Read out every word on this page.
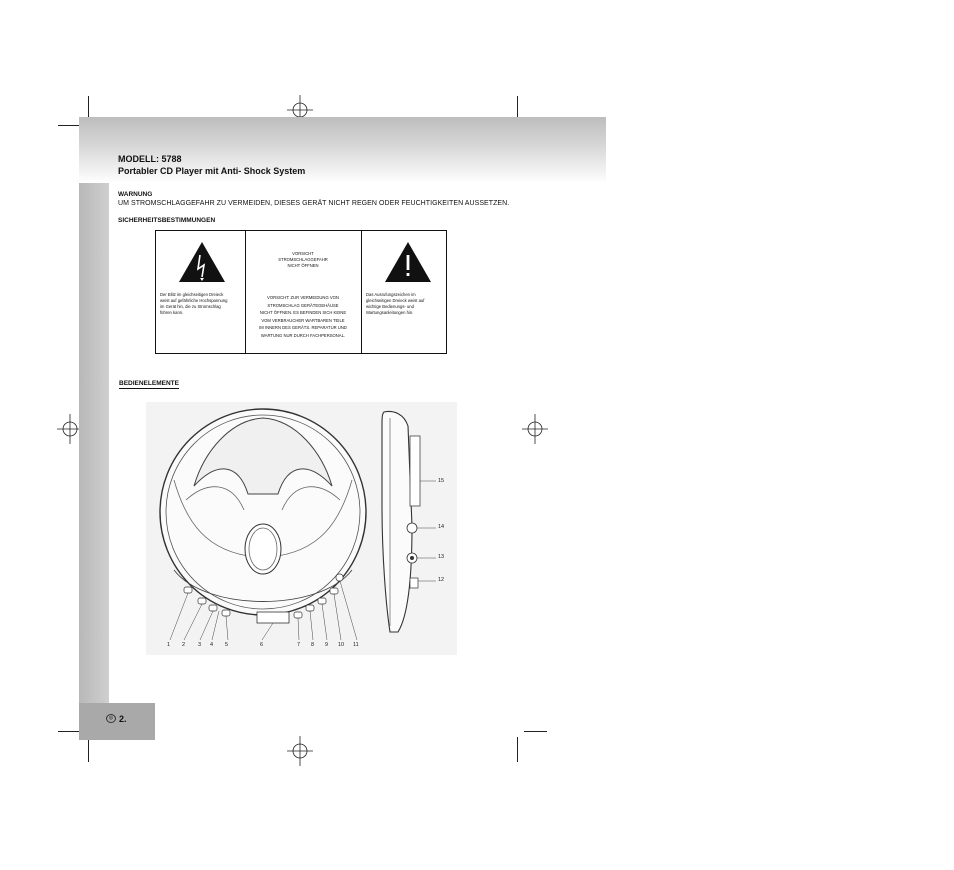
◎ 2.
MODELL: 5788
Portabler CD Player mit Anti- Shock System
WARNUNG
UM STROMSCHLAGGEFAHR ZU VERMEIDEN, DIESES GERÄT NICHT REGEN ODER FEUCHTIGKEITEN AUSSETZEN.
SICHERHEITSBESTIMMUNGEN
Der Blitz im gleichseitigen Dreieck
weist auf gefährliche Hochspannung
im Gerät hin, die zu Stromschlag
führen kann.
VORSICHT
STROMSCHLAGGEFAHR
NICHT ÖFFNEN
VORSICHT: ZUR VERMEIDUNG VON
STROMSCHLAG GERÄTEGEHÄUSE
NICHT ÖFFNEN. ES BEFINDEN SICH KEINE
VOM VERBRAUCHER WARTBAREN TEILE
IM INNERN DES GERÄTS. REPARATUR UND
WARTUNG NUR DURCH FACHPERSONAL.
Das Ausrufungszeichen im
gleichseitigen Dreieck weist auf
wichtige Bedienungs- und
Wartungsanleitungen hin.
BEDIENELEMENTE
1 2 3 4 5	6	7 8 9 10 11
15
14
13
12
